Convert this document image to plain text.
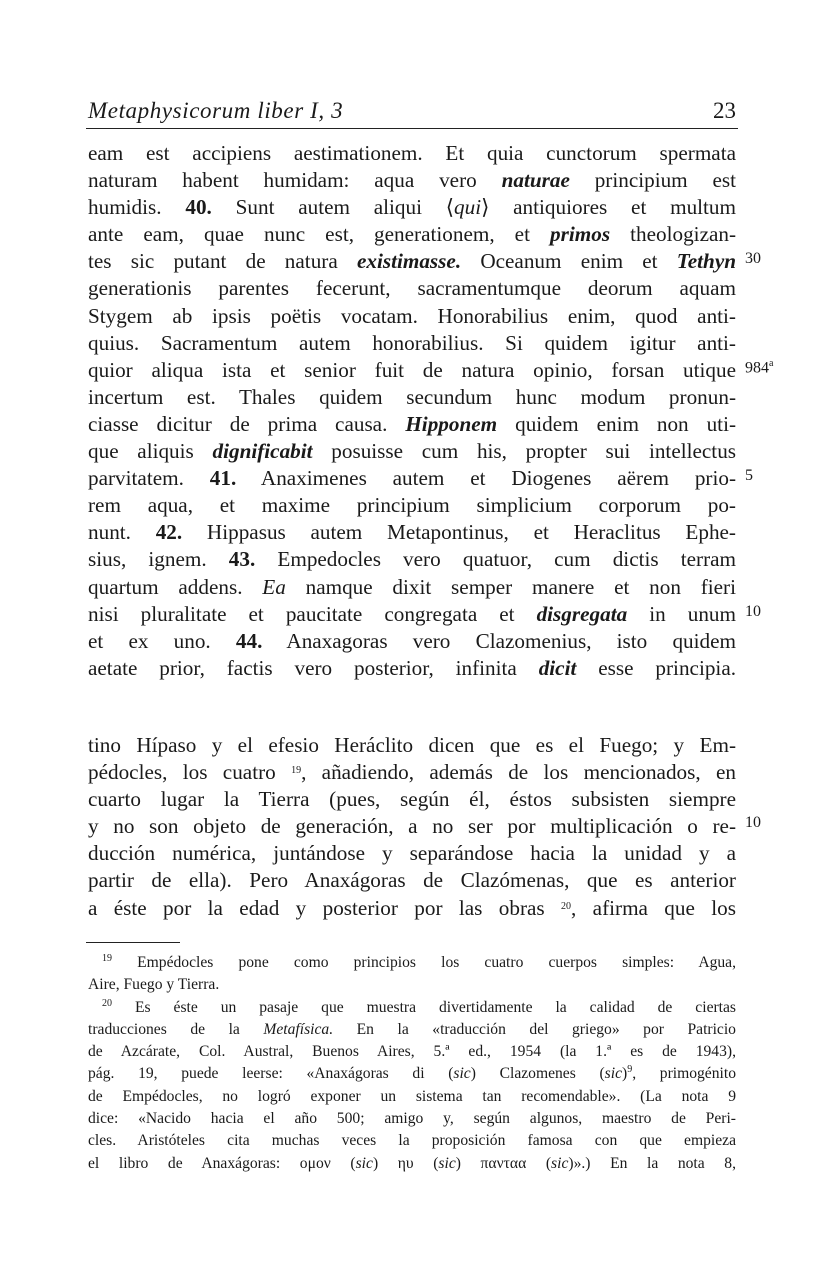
Metaphysicorum liber I, 3	23
30
984$^a$
5
10
10
eam est accipiens aestimationem. Et quia cunctorum spermata
naturam habent humidam: aqua vero naturae principium est
humidis. 40. Sunt autem aliqui ⟨qui⟩ antiquiores et multum
ante eam, quae nunc est, generationem, et primos theologizan-
tes sic putant de natura existimasse. Oceanum enim et Tethyn
generationis parentes fecerunt, sacramentumque deorum aquam
Stygem ab ipsis poëtis vocatam. Honorabilius enim, quod anti-
quius. Sacramentum autem honorabilius. Si quidem igitur anti-
quior aliqua ista et senior fuit de natura opinio, forsan utique
incertum est. Thales quidem secundum hunc modum pronun-
ciasse dicitur de prima causa. Hipponem quidem enim non uti-
que aliquis dignificabit posuisse cum his, propter sui intellectus
parvitatem. 41. Anaximenes autem et Diogenes aërem prio-
rem aqua, et maxime principium simplicium corporum po-
nunt. 42. Hippasus autem Metapontinus, et Heraclitus Ephe-
sius, ignem. 43. Empedocles vero quatuor, cum dictis terram
quartum addens. Ea namque dixit semper manere et non fieri
nisi pluralitate et paucitate congregata et disgregata in unum
et ex uno. 44. Anaxagoras vero Clazomenius, isto quidem
aetate prior, factis vero posterior, infinita dicit esse principia.
tino Hípaso y el efesio Heráclito dicen que es el Fuego; y Em-
pédocles, los cuatro $^{19}$, añadiendo, además de los mencionados, en
cuarto lugar la Tierra (pues, según él, éstos subsisten siempre
y no son objeto de generación, a no ser por multiplicación o re-
ducción numérica, juntándose y separándose hacia la unidad y a
partir de ella). Pero Anaxágoras de Clazómenas, que es anterior
a éste por la edad y posterior por las obras $^{20}$, afirma que los
$^{19}$ Empédocles pone como principios los cuatro cuerpos simples: Agua,
Aire, Fuego y Tierra.
$^{20}$ Es éste un pasaje que muestra divertidamente la calidad de ciertas
traducciones de la Metafísica. En la «traducción del griego» por Patricio
de Azcárate, Col. Austral, Buenos Aires, 5.ª ed., 1954 (la 1.ª es de 1943),
pág. 19, puede leerse: «Anaxágoras di (sic) Clazomenes (sic)$^9$, primogénito
de Empédocles, no logró exponer un sistema tan recomendable». (La nota 9
dice: «Nacido hacia el año 500; amigo y, según algunos, maestro de Peri-
cles. Aristóteles cita muchas veces la proposición famosa con que empieza
el libro de Anaxágoras: ομον (sic) ηυ (sic) πανταα (sic)».) En la nota 8,
